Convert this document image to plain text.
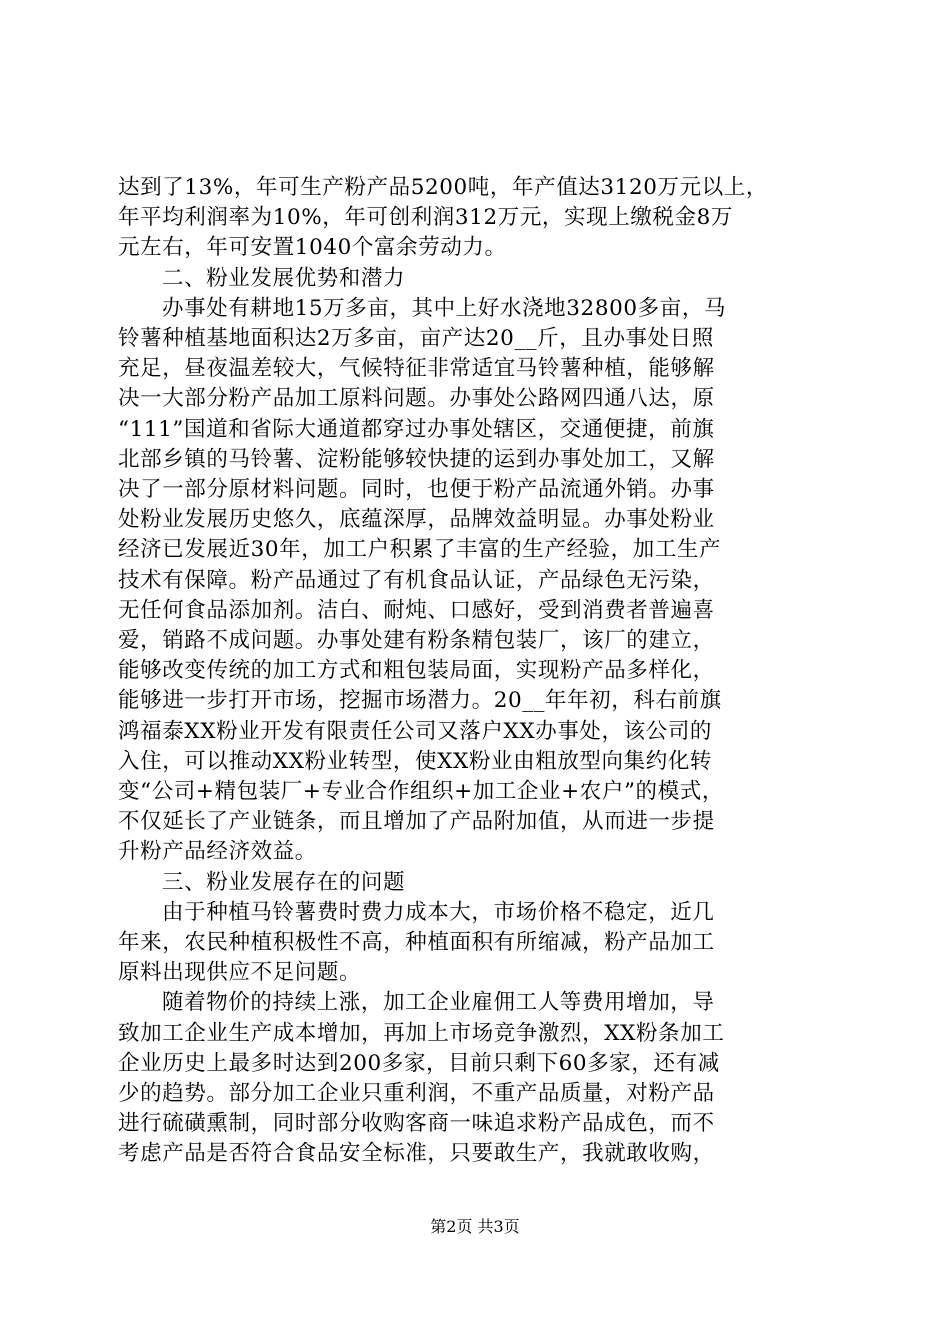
达到了13%，年可生产粉产品5200吨，年产值达3120万元以上，
年平均利润率为10%，年可创利润312万元，实现上缴税金8万
元左右，年可安置1040个富余劳动力。
二、粉业发展优势和潜力
办事处有耕地15万多亩，其中上好水浇地32800多亩，马
铃薯种植基地面积达2万多亩，亩产达20__斤，且办事处日照
充足，昼夜温差较大，气候特征非常适宜马铃薯种植，能够解
决一大部分粉产品加工原料问题。办事处公路网四通八达，原
“111”国道和省际大通道都穿过办事处辖区，交通便捷，前旗
北部乡镇的马铃薯、淀粉能够较快捷的运到办事处加工，又解
决了一部分原材料问题。同时，也便于粉产品流通外销。办事
处粉业发展历史悠久，底蕴深厚，品牌效益明显。办事处粉业
经济已发展近30年，加工户积累了丰富的生产经验，加工生产
技术有保障。粉产品通过了有机食品认证，产品绿色无污染，
无任何食品添加剂。洁白、耐炖、口感好，受到消费者普遍喜
爱，销路不成问题。办事处建有粉条精包装厂，该厂的建立，
能够改变传统的加工方式和粗包装局面，实现粉产品多样化，
能够进一步打开市场，挖掘市场潜力。20__年年初，科右前旗
鸿福泰XX粉业开发有限责任公司又落户XX办事处，该公司的
入住，可以推动XX粉业转型，使XX粉业由粗放型向集约化转
变“公司+精包装厂+专业合作组织+加工企业+农户”的模式，
不仅延长了产业链条，而且增加了产品附加值，从而进一步提
升粉产品经济效益。
三、粉业发展存在的问题
由于种植马铃薯费时费力成本大，市场价格不稳定，近几
年来，农民种植积极性不高，种植面积有所缩减，粉产品加工
原料出现供应不足问题。
随着物价的持续上涨，加工企业雇佣工人等费用增加，导
致加工企业生产成本增加，再加上市场竞争激烈，XX粉条加工
企业历史上最多时达到200多家，目前只剩下60多家，还有减
少的趋势。部分加工企业只重利润，不重产品质量，对粉产品
进行硫磺熏制，同时部分收购客商一味追求粉产品成色，而不
考虑产品是否符合食品安全标准，只要敢生产，我就敢收购，
第2页 共3页
